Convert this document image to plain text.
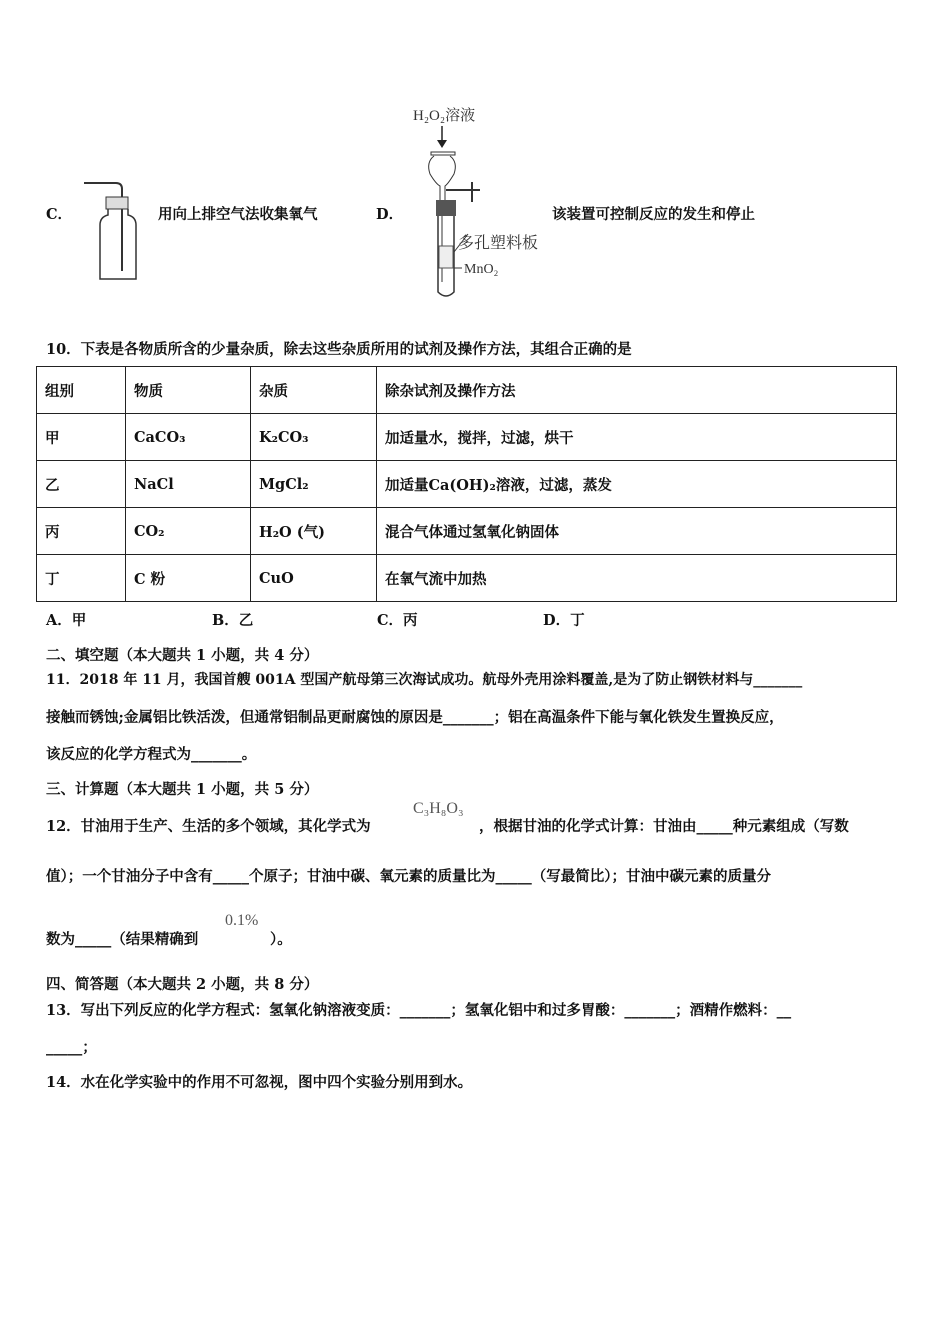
C．	用向上排空气法收集氧气	D．
H₂O₂溶液
多孔塑料板
MnO₂
该装置可控制反应的发生和停止
10．下表是各物质所含的少量杂质，除去这些杂质所用的试剂及操作方法，其组合正确的是
组别	物质	杂质	除杂试剂及操作方法
甲	CaCO₃	K₂CO₃	加适量水，搅拌，过滤，烘干
乙	NaCl	MgCl₂	加适量Ca(OH)₂溶液，过滤，蒸发
丙	CO₂	H₂O (气)	混合气体通过氢氧化钠固体
丁	C 粉	CuO	在氧气流中加热
A．甲	B．乙	C．丙	D．丁
二、填空题（本大题共 1 小题，共 4 分）
11．2018 年 11 月，我国首艘 001A 型国产航母第三次海试成功。航母外壳用涂料覆盖,是为了防止钢铁材料与_______
接触而锈蚀;金属铝比铁活泼，但通常铝制品更耐腐蚀的原因是_______；铝在高温条件下能与氧化铁发生置换反应，
该反应的化学方程式为_______。
三、计算题（本大题共 1 小题，共 5 分）
12．甘油用于生产、生活的多个领域，其化学式为
C₃H₈O₃
，根据甘油的化学式计算：甘油由_____种元素组成（写数
值）；一个甘油分子中含有_____个原子；甘油中碳、氧元素的质量比为_____（写最简比）；甘油中碳元素的质量分
数为_____（结果精确到
0.1%
）。
四、简答题（本大题共 2 小题，共 8 分）
13．写出下列反应的化学方程式：氢氧化钠溶液变质：_______；氢氧化铝中和过多胃酸：_______；酒精作燃料：__
_____；
14．水在化学实验中的作用不可忽视，图中四个实验分别用到水。
